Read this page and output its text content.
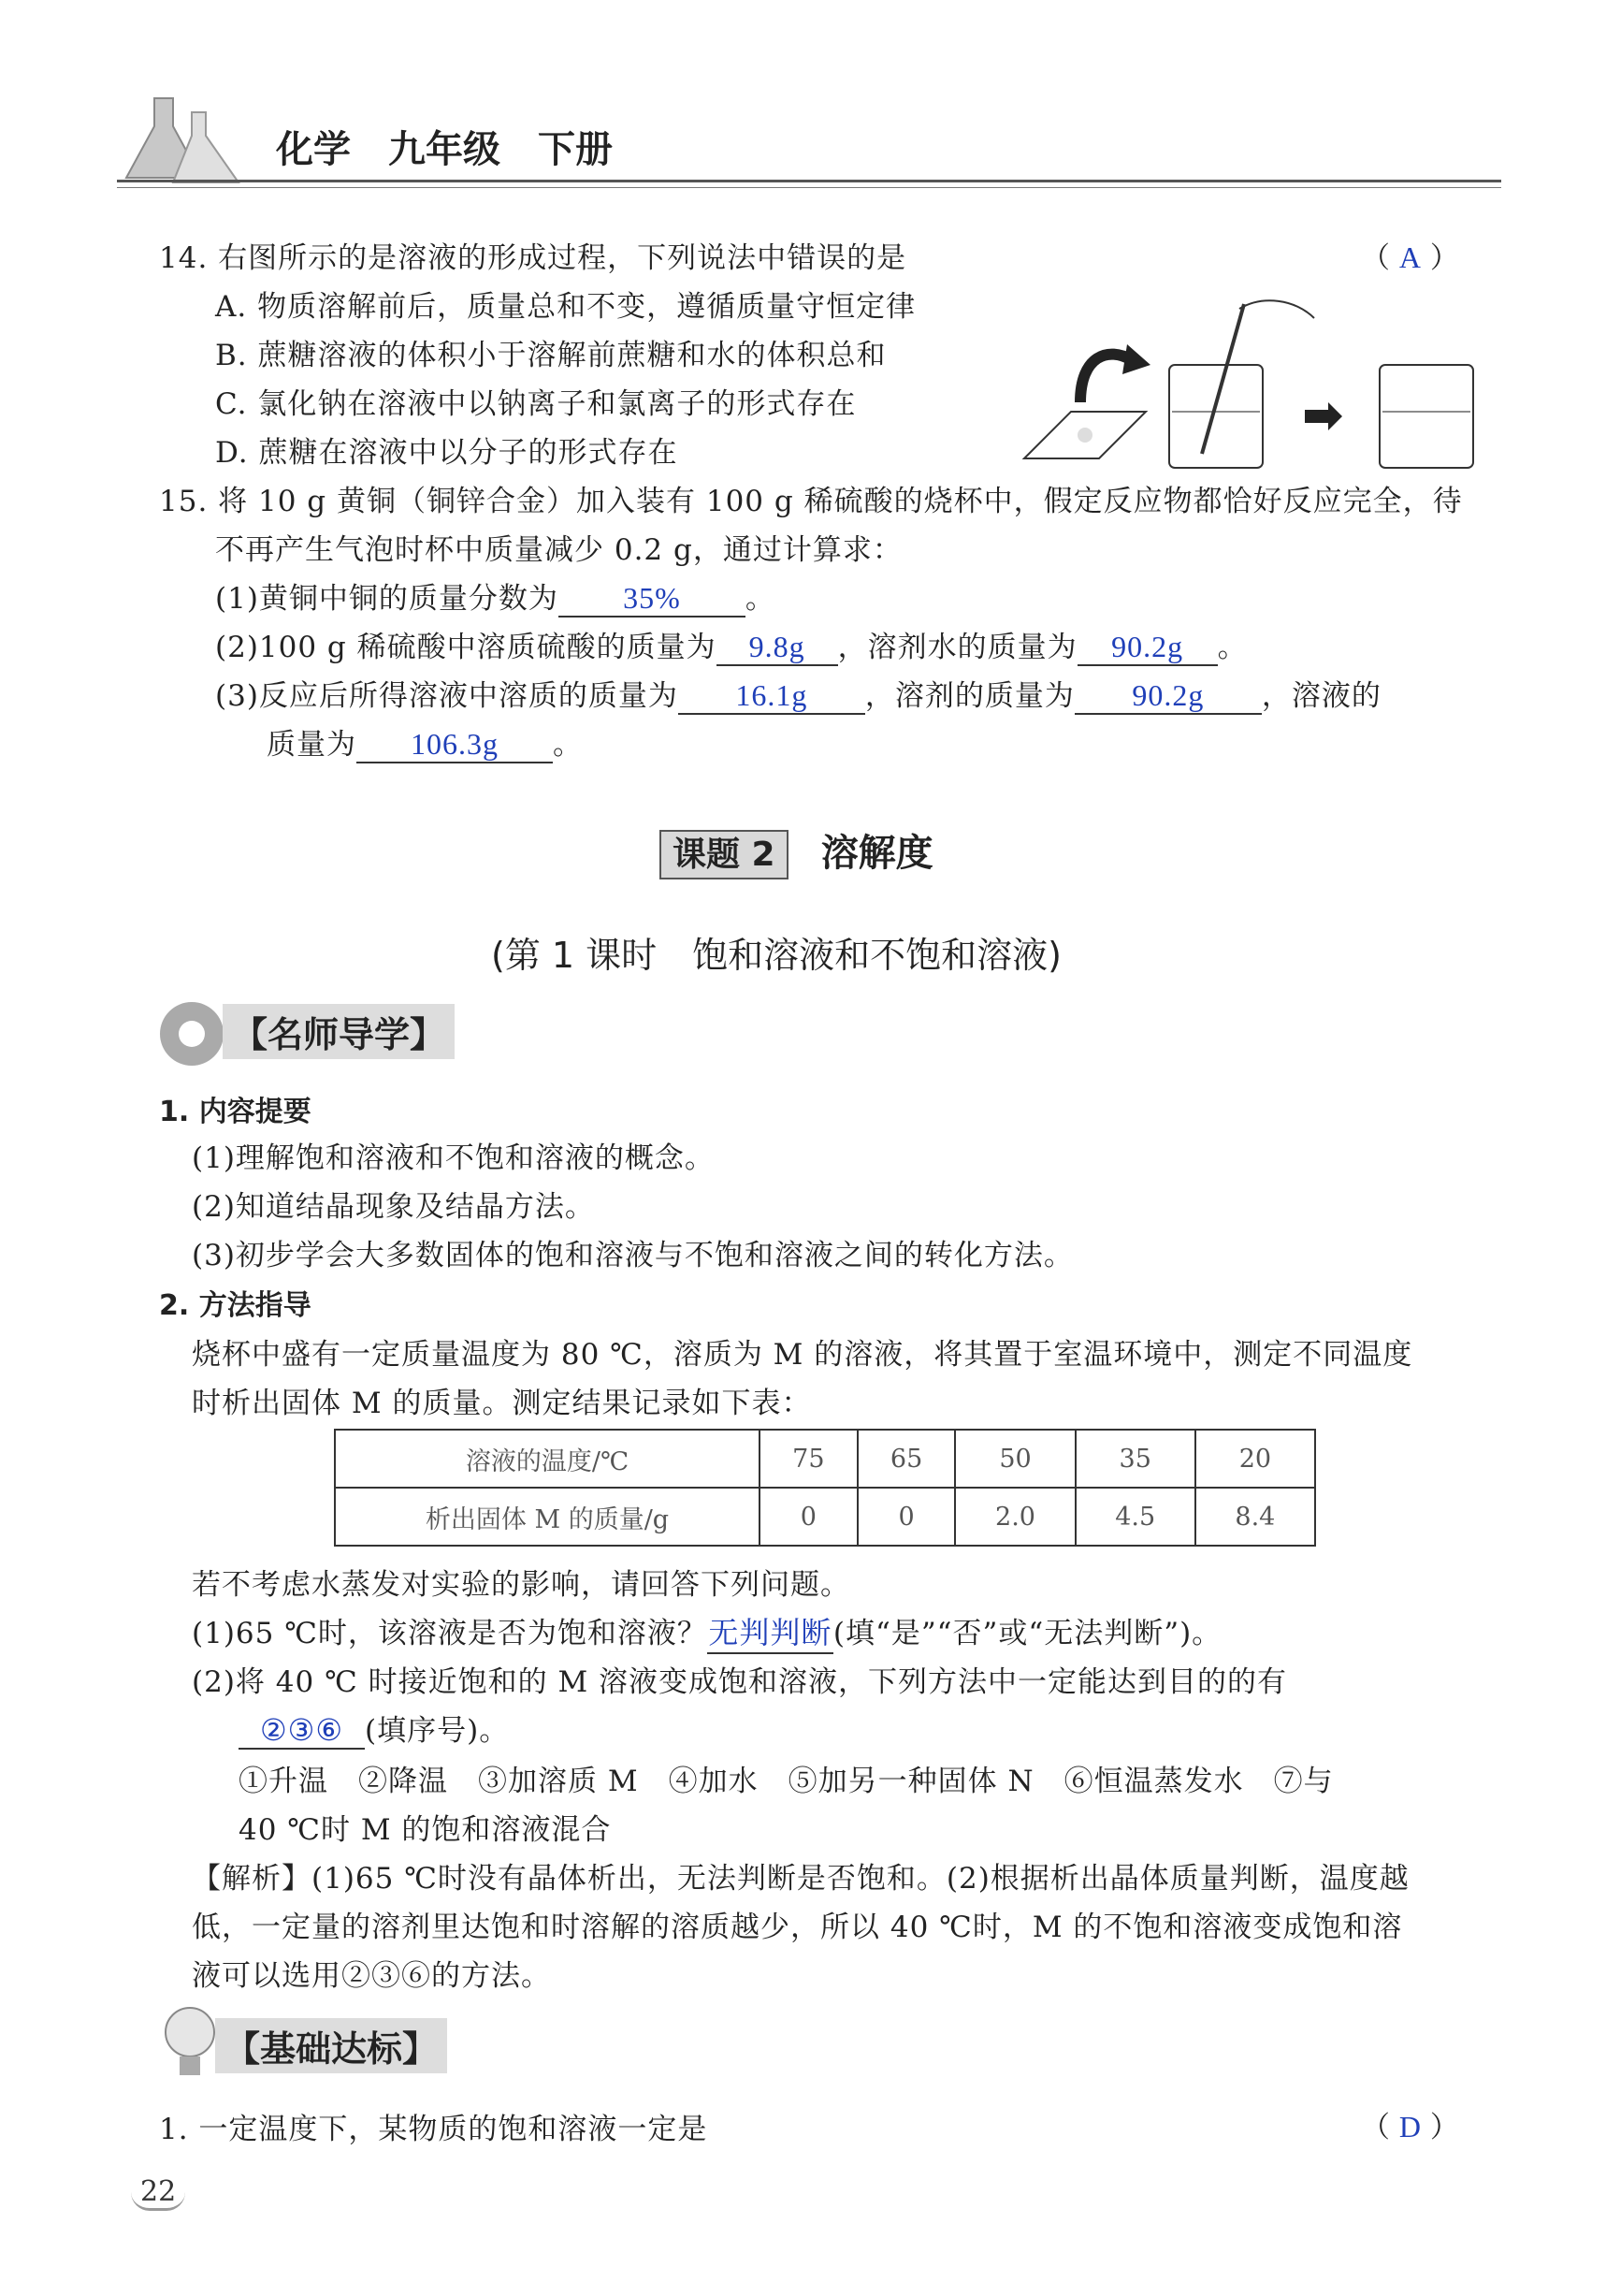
化学　九年级　下册
14. 右图所示的是溶液的形成过程，下列说法中错误的是	（ A ）
A. 物质溶解前后，质量总和不变，遵循质量守恒定律
B. 蔗糖溶液的体积小于溶解前蔗糖和水的体积总和
C. 氯化钠在溶液中以钠离子和氯离子的形式存在
D. 蔗糖在溶液中以分子的形式存在
15. 将 10 g 黄铜（铜锌合金）加入装有 100 g 稀硫酸的烧杯中，假定反应物都恰好反应完全，待
不再产生气泡时杯中质量减少 0.2 g，通过计算求：
(1)黄铜中铜的质量分数为 35% 。
(2)100 g 稀硫酸中溶质硫酸的质量为 9.8g ，溶剂水的质量为 90.2g 。
(3)反应后所得溶液中溶质的质量为 16.1g ，溶剂的质量为 90.2g ，溶液的
质量为 106.3g 。
课题 2 溶解度
(第 1 课时　饱和溶液和不饱和溶液)
【名师导学】
1. 内容提要
(1)理解饱和溶液和不饱和溶液的概念。
(2)知道结晶现象及结晶方法。
(3)初步学会大多数固体的饱和溶液与不饱和溶液之间的转化方法。
2. 方法指导
烧杯中盛有一定质量温度为 80 ℃，溶质为 M 的溶液，将其置于室温环境中，测定不同温度
时析出固体 M 的质量。测定结果记录如下表：
溶液的温度/℃	75	65	50	35	20
析出固体 M 的质量/g	0	0	2.0	4.5	8.4
若不考虑水蒸发对实验的影响，请回答下列问题。
(1)65 ℃时，该溶液是否为饱和溶液？无判判断(填“是”“否”或“无法判断”)。
(2)将 40 ℃ 时接近饱和的 M 溶液变成饱和溶液，下列方法中一定能达到目的的有
②③⑥ (填序号)。
①升温　②降温　③加溶质 M　④加水　⑤加另一种固体 N　⑥恒温蒸发水　⑦与
40 ℃时 M 的饱和溶液混合
【解析】(1)65 ℃时没有晶体析出，无法判断是否饱和。(2)根据析出晶体质量判断，温度越
低，一定量的溶剂里达饱和时溶解的溶质越少，所以 40 ℃时，M 的不饱和溶液变成饱和溶
液可以选用②③⑥的方法。
【基础达标】
1. 一定温度下，某物质的饱和溶液一定是	（ D ）
22
